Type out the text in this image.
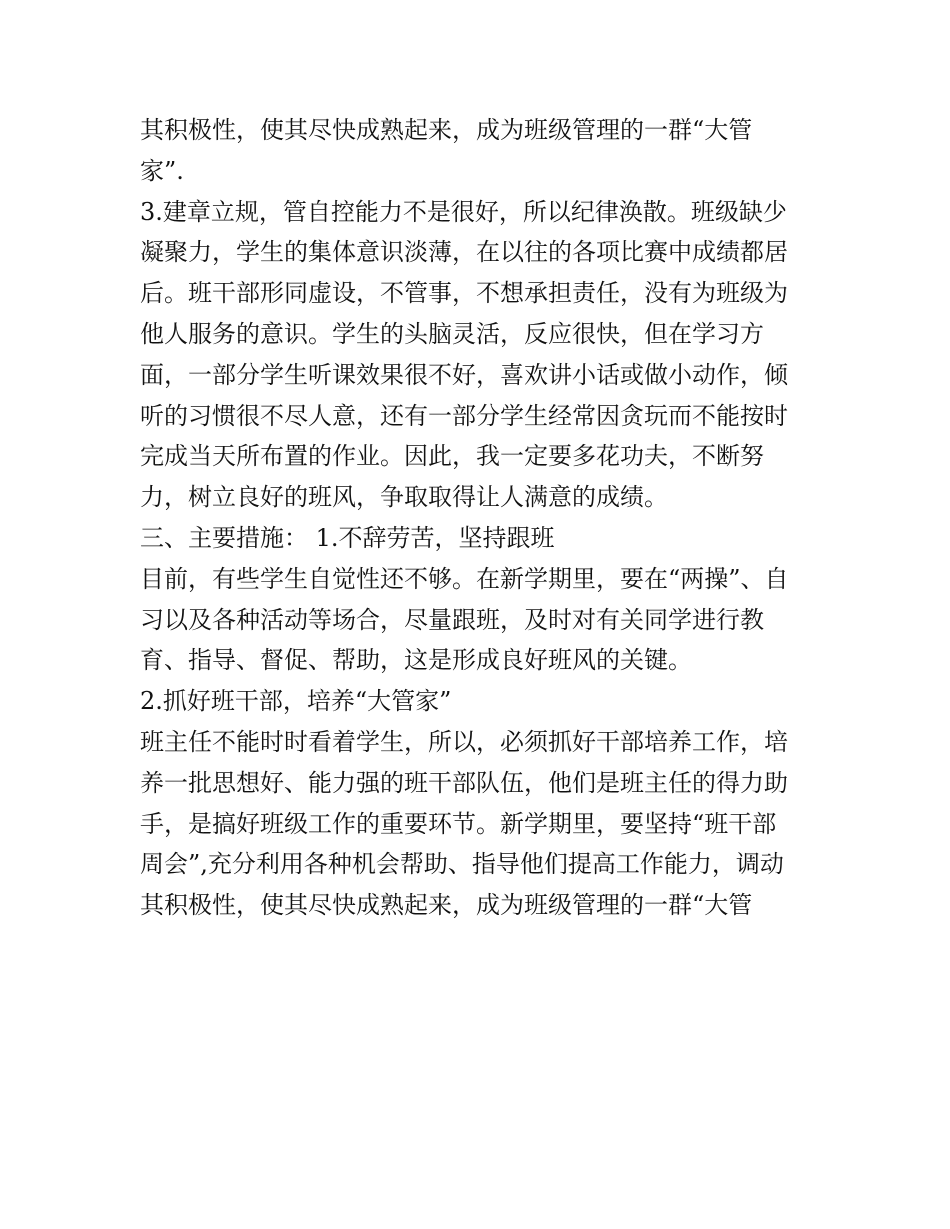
其积极性，使其尽快成熟起来，成为班级管理的一群“大管
家”.
3.建章立规，管自控能力不是很好，所以纪律涣散。班级缺少
凝聚力，学生的集体意识淡薄，在以往的各项比赛中成绩都居
后。班干部形同虚设，不管事，不想承担责任，没有为班级为
他人服务的意识。学生的头脑灵活，反应很快，但在学习方
面，一部分学生听课效果很不好，喜欢讲小话或做小动作，倾
听的习惯很不尽人意，还有一部分学生经常因贪玩而不能按时
完成当天所布置的作业。因此，我一定要多花功夫，不断努
力，树立良好的班风，争取取得让人满意的成绩。
三、主要措施： 1.不辞劳苦，坚持跟班
目前，有些学生自觉性还不够。在新学期里，要在“两操”、自
习以及各种活动等场合，尽量跟班，及时对有关同学进行教
育、指导、督促、帮助，这是形成良好班风的关键。
2.抓好班干部，培养“大管家”
班主任不能时时看着学生，所以，必须抓好干部培养工作，培
养一批思想好、能力强的班干部队伍，他们是班主任的得力助
手，是搞好班级工作的重要环节。新学期里，要坚持“班干部
周会”,充分利用各种机会帮助、指导他们提高工作能力，调动
其积极性，使其尽快成熟起来，成为班级管理的一群“大管
